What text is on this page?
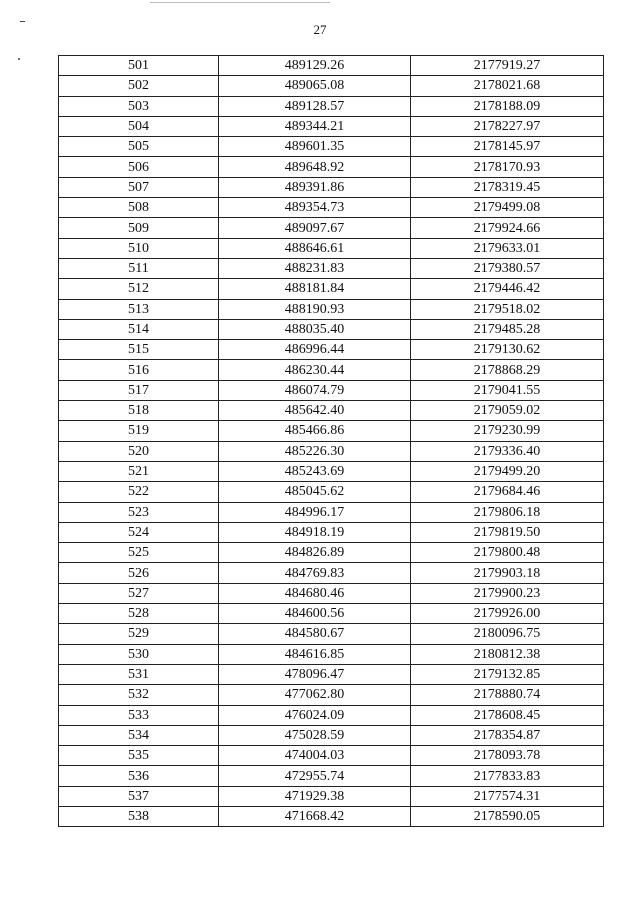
27
501	489129.26	2177919.27
502	489065.08	2178021.68
503	489128.57	2178188.09
504	489344.21	2178227.97
505	489601.35	2178145.97
506	489648.92	2178170.93
507	489391.86	2178319.45
508	489354.73	2179499.08
509	489097.67	2179924.66
510	488646.61	2179633.01
511	488231.83	2179380.57
512	488181.84	2179446.42
513	488190.93	2179518.02
514	488035.40	2179485.28
515	486996.44	2179130.62
516	486230.44	2178868.29
517	486074.79	2179041.55
518	485642.40	2179059.02
519	485466.86	2179230.99
520	485226.30	2179336.40
521	485243.69	2179499.20
522	485045.62	2179684.46
523	484996.17	2179806.18
524	484918.19	2179819.50
525	484826.89	2179800.48
526	484769.83	2179903.18
527	484680.46	2179900.23
528	484600.56	2179926.00
529	484580.67	2180096.75
530	484616.85	2180812.38
531	478096.47	2179132.85
532	477062.80	2178880.74
533	476024.09	2178608.45
534	475028.59	2178354.87
535	474004.03	2178093.78
536	472955.74	2177833.83
537	471929.38	2177574.31
538	471668.42	2178590.05
